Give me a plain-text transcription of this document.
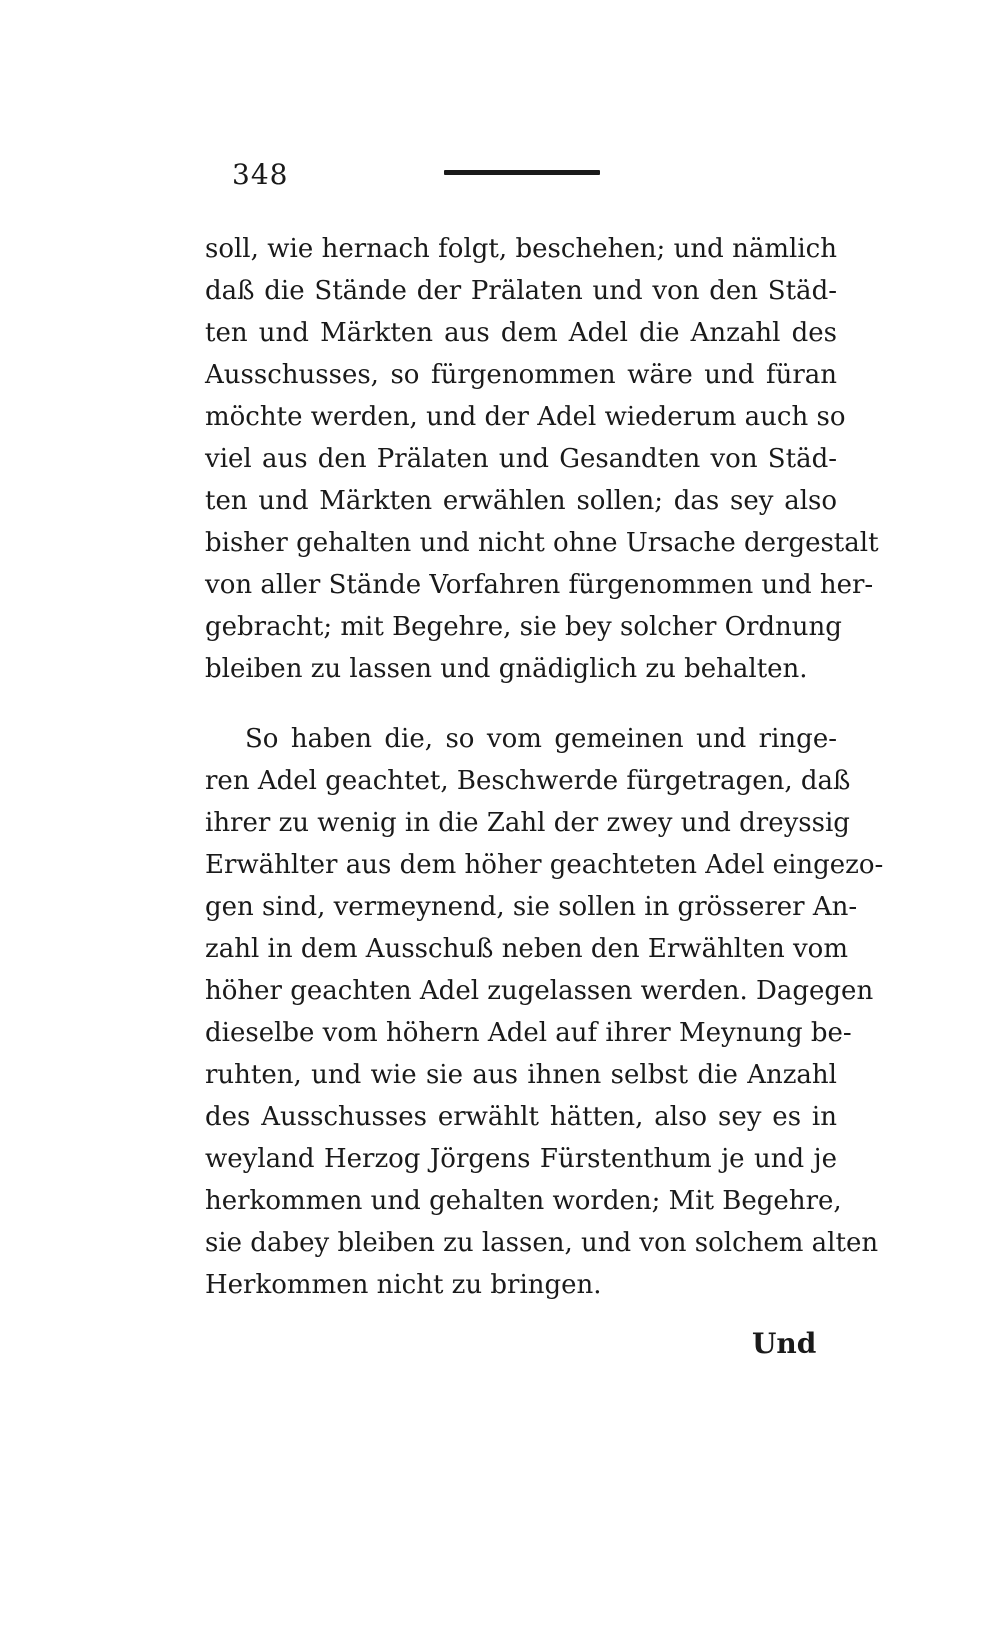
348
soll, wie hernach folgt, beschehen; und nämlich
daß die Stände der Prälaten und von den Städ-
ten und Märkten aus dem Adel die Anzahl des
Ausschusses, so fürgenommen wäre und füran
möchte werden, und der Adel wiederum auch so
viel aus den Prälaten und Gesandten von Städ-
ten und Märkten erwählen sollen; das sey also
bisher gehalten und nicht ohne Ursache dergestalt
von aller Stände Vorfahren fürgenommen und her-
gebracht; mit Begehre, sie bey solcher Ordnung
bleiben zu lassen und gnädiglich zu behalten.
So haben die, so vom gemeinen und ringe-
ren Adel geachtet, Beschwerde fürgetragen, daß
ihrer zu wenig in die Zahl der zwey und dreyssig
Erwählter aus dem höher geachteten Adel eingezo-
gen sind, vermeynend, sie sollen in grösserer An-
zahl in dem Ausschuß neben den Erwählten vom
höher geachten Adel zugelassen werden. Dagegen
dieselbe vom höhern Adel auf ihrer Meynung be-
ruhten, und wie sie aus ihnen selbst die Anzahl
des Ausschusses erwählt hätten, also sey es in
weyland Herzog Jörgens Fürstenthum je und je
herkommen und gehalten worden; Mit Begehre,
sie dabey bleiben zu lassen, und von solchem alten
Herkommen nicht zu bringen.
Und
